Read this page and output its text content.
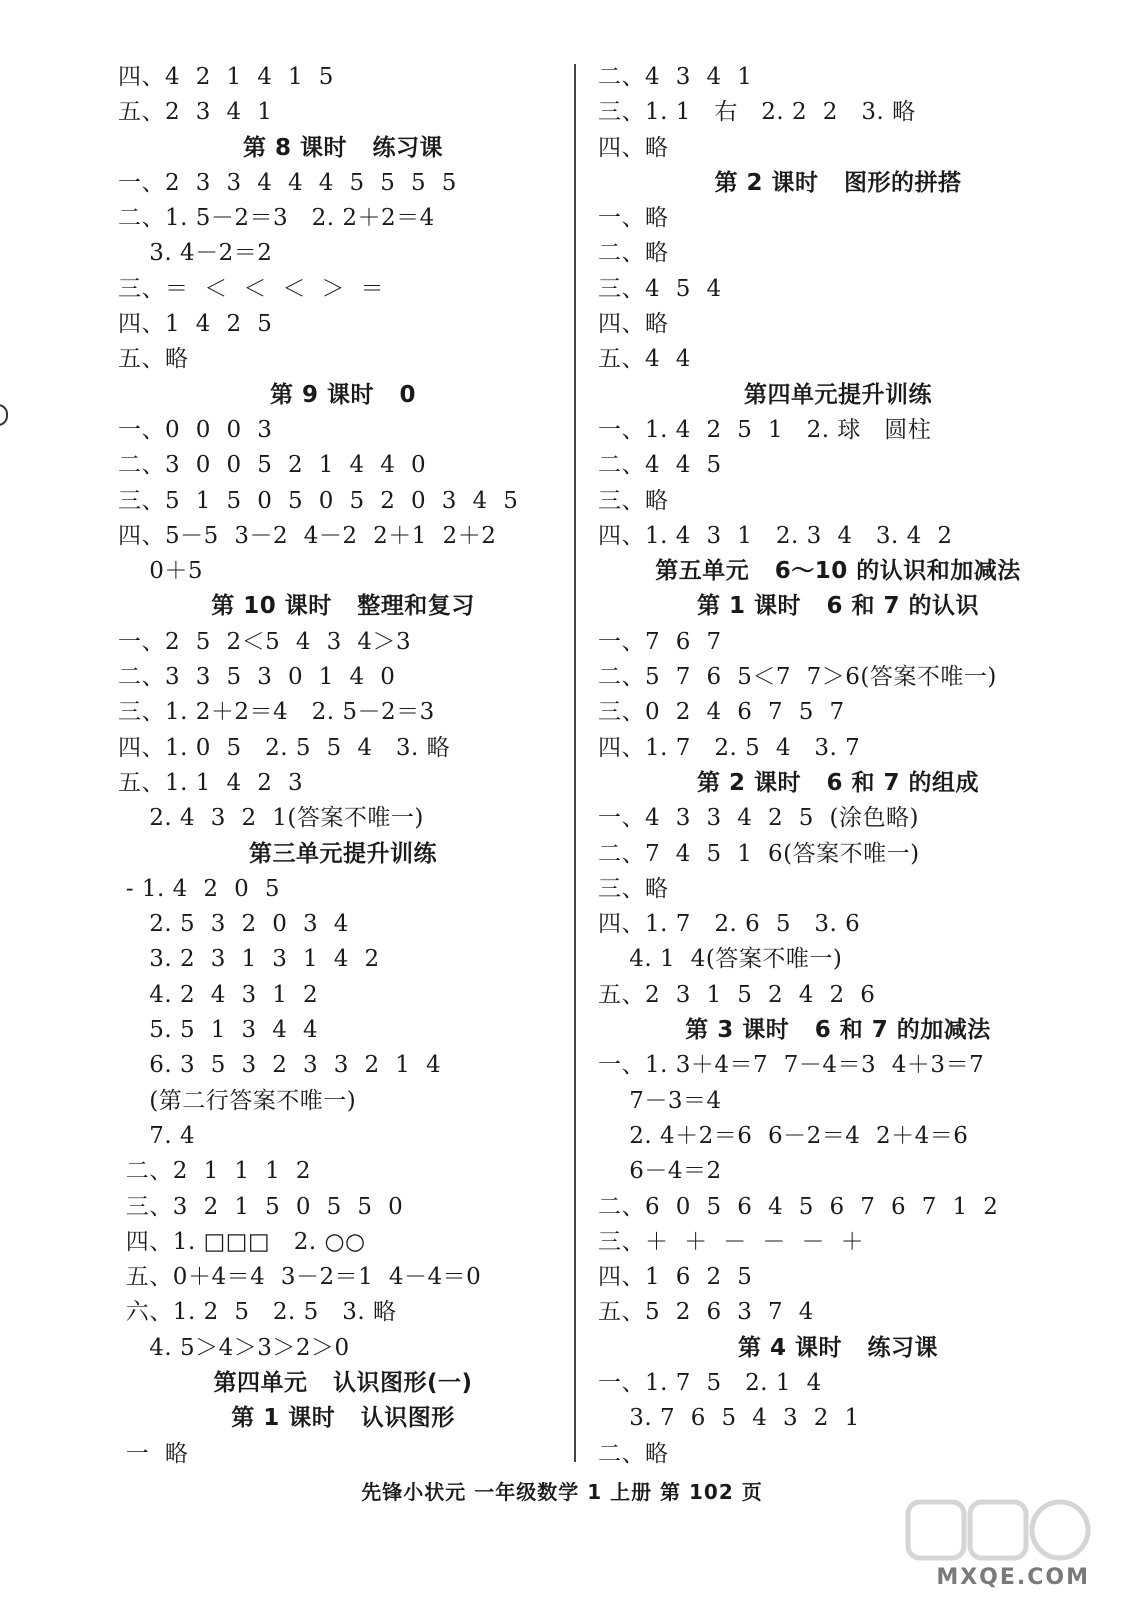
四、4  2  1  4  1  5
五、2  3  4  1
第 8 课时   练习课
一、2  3  3  4  4  4  5  5  5  5
二、1. 5－2＝3   2. 2＋2＝4
3. 4－2＝2
三、＝  ＜  ＜  ＜  ＞  ＝
四、1  4  2  5
五、略
第 9 课时   0
一、0  0  0  3
二、3  0  0  5  2  1  4  4  0
三、5  1  5  0  5  0  5  2  0  3  4  5
四、5－5  3－2  4－2  2＋1  2＋2
0＋5
第 10 课时   整理和复习
一、2  5  2＜5  4  3  4＞3
二、3  3  5  3  0  1  4  0
三、1. 2＋2＝4   2. 5－2＝3
四、1. 0  5   2. 5  5  4   3. 略
五、1. 1  4  2  3
2. 4  3  2  1(答案不唯一)
第三单元提升训练
- 1. 4  2  0  5
2. 5  3  2  0  3  4
3. 2  3  1  3  1  4  2
4. 2  4  3  1  2
5. 5  1  3  4  4
6. 3  5  3  2  3  3  2  1  4
(第二行答案不唯一)
7. 4
二、2  1  1  1  2
三、3  2  1  5  0  5  5  0
四、1. □□□   2. ○○
五、0＋4＝4  3－2＝1  4－4＝0
六、1. 2  5   2. 5   3. 略
4. 5＞4＞3＞2＞0
第四单元   认识图形(一)
第 1 课时   认识图形
一  略
二、4  3  4  1
三、1. 1   右   2. 2  2   3. 略
四、略
第 2 课时   图形的拼搭
一、略
二、略
三、4  5  4
四、略
五、4  4
第四单元提升训练
一、1. 4  2  5  1   2. 球   圆柱
二、4  4  5
三、略
四、1. 4  3  1   2. 3  4   3. 4  2
第五单元   6～10 的认识和加减法
第 1 课时   6 和 7 的认识
一、7  6  7
二、5  7  6  5＜7  7＞6(答案不唯一)
三、0  2  4  6  7  5  7
四、1. 7   2. 5  4   3. 7
第 2 课时   6 和 7 的组成
一、4  3  3  4  2  5  (涂色略)
二、7  4  5  1  6(答案不唯一)
三、略
四、1. 7   2. 6  5   3. 6
4. 1  4(答案不唯一)
五、2  3  1  5  2  4  2  6
第 3 课时   6 和 7 的加减法
一、1. 3＋4＝7  7－4＝3  4＋3＝7
7－3＝4
2. 4＋2＝6  6－2＝4  2＋4＝6
6－4＝2
二、6  0  5  6  4  5  6  7  6  7  1  2
三、＋  ＋  －  －  －  ＋
四、1  6  2  5
五、5  2  6  3  7  4
第 4 课时   练习课
一、1. 7  5   2. 1  4
3. 7  6  5  4  3  2  1
二、略
先锋小状元 一年级数学 1 上册 第 102 页
MXQE.COM
